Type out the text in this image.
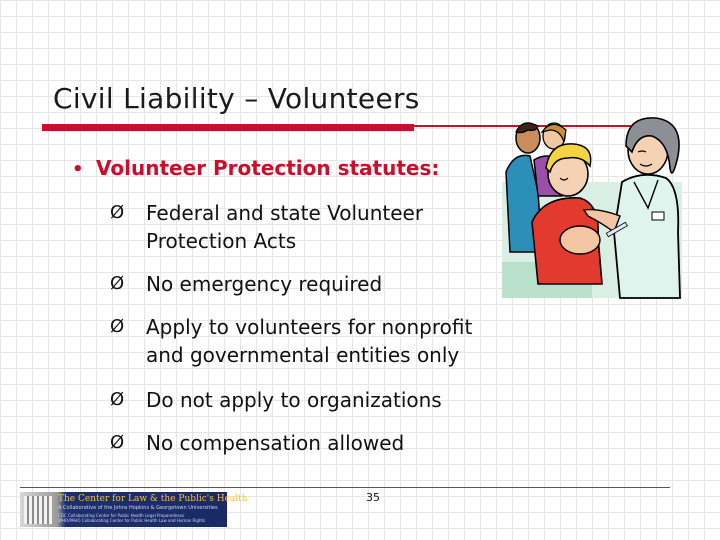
Civil Liability – Volunteers
• Volunteer Protection statutes:
Ø	Federal and state Volunteer
Protection Acts
Ø	No emergency required
Ø	Apply to volunteers for nonprofit
and governmental entities only
Ø	Do not apply to organizations
Ø	No compensation allowed
The Center for Law & the Public's Health
A Collaborative of the Johns Hopkins & Georgetown Universities
CDC Collaborating Center for Public Health Legal Preparedness
WHO/PAHO Collaborating Center for Public Health Law and Human Rights
35
